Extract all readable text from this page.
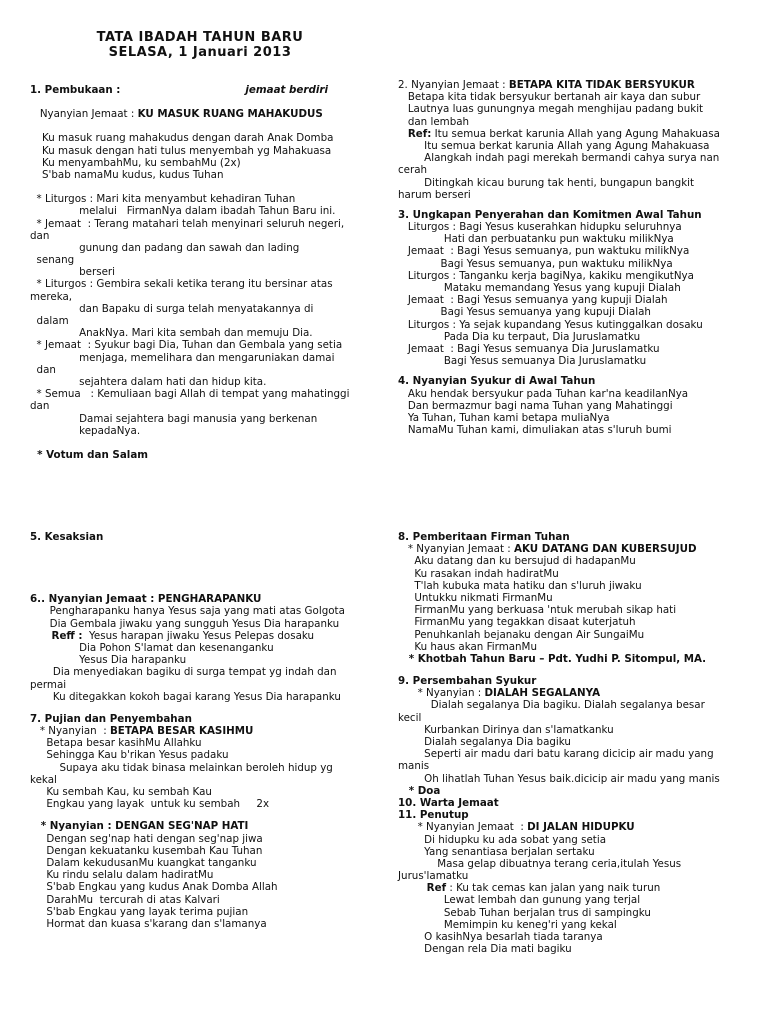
TATA IBADAH TAHUN BARU
SELASA, 1 Januari 2013
1. Pembukaan :	jemaat berdiri
Nyanyian Jemaat : KU MASUK RUANG MAHAKUDUS
Ku masuk ruang mahakudus dengan darah Anak Domba
Ku masuk dengan hati tulus menyembah yg Mahakuasa
Ku menyambahMu, ku sembahMu (2x)
S'bab namaMu kudus, kudus Tuhan
* Liturgos : Mari kita menyambut kehadiran Tuhan
melalui   FirmanNya dalam ibadah Tahun Baru ini.
* Jemaat  : Terang matahari telah menyinari seluruh negeri,
dan
gunung dan padang dan sawah dan lading
senang
berseri
* Liturgos : Gembira sekali ketika terang itu bersinar atas
mereka,
dan Bapaku di surga telah menyatakannya di
dalam
AnakNya. Mari kita sembah dan memuju Dia.
* Jemaat  : Syukur bagi Dia, Tuhan dan Gembala yang setia
menjaga, memelihara dan mengaruniakan damai
dan
sejahtera dalam hati dan hidup kita.
* Semua   : Kemuliaan bagi Allah di tempat yang mahatinggi
dan
Damai sejahtera bagi manusia yang berkenan
kepadaNya.
* Votum dan Salam
2. Nyanyian Jemaat : BETAPA KITA TIDAK BERSYUKUR
Betapa kita tidak bersyukur bertanah air kaya dan subur
Lautnya luas gunungnya megah menghijau padang bukit
dan lembah
Ref: Itu semua berkat karunia Allah yang Agung Mahakuasa
Itu semua berkat karunia Allah yang Agung Mahakuasa
Alangkah indah pagi merekah bermandi cahya surya nan
cerah
Ditingkah kicau burung tak henti, bungapun bangkit
harum berseri
3. Ungkapan Penyerahan dan Komitmen Awal Tahun
Liturgos : Bagi Yesus kuserahkan hidupku seluruhnya
Hati dan perbuatanku pun waktuku milikNya
Jemaat  : Bagi Yesus semuanya, pun waktuku milikNya
Bagi Yesus semuanya, pun waktuku milikNya
Liturgos : Tanganku kerja bagiNya, kakiku mengikutNya
Mataku memandang Yesus yang kupuji Dialah
Jemaat  : Bagi Yesus semuanya yang kupuji Dialah
Bagi Yesus semuanya yang kupuji Dialah
Liturgos : Ya sejak kupandang Yesus kutinggalkan dosaku
Pada Dia ku terpaut, Dia Juruslamatku
Jemaat  : Bagi Yesus semuanya Dia Juruslamatku
Bagi Yesus semuanya Dia Juruslamatku
4. Nyanyian Syukur di Awal Tahun
Aku hendak bersyukur pada Tuhan kar'na keadilanNya
Dan bermazmur bagi nama Tuhan yang Mahatinggi
Ya Tuhan, Tuhan kami betapa muliaNya
NamaMu Tuhan kami, dimuliakan atas s'luruh bumi
5. Kesaksian
6.. Nyanyian Jemaat : PENGHARAPANKU
Pengharapanku hanya Yesus saja yang mati atas Golgota
Dia Gembala jiwaku yang sungguh Yesus Dia harapanku
Reff :  Yesus harapan jiwaku Yesus Pelepas dosaku
Dia Pohon S'lamat dan kesenanganku
Yesus Dia harapanku
Dia menyediakan bagiku di surga tempat yg indah dan
permai
Ku ditegakkan kokoh bagai karang Yesus Dia harapanku
7. Pujian dan Penyembahan
* Nyanyian  : BETAPA BESAR KASIHMU
Betapa besar kasihMu Allahku
Sehingga Kau b'rikan Yesus padaku
Supaya aku tidak binasa melainkan beroleh hidup yg
kekal
Ku sembah Kau, ku sembah Kau
Engkau yang layak  untuk ku sembah     2x
* Nyanyian : DENGAN SEG'NAP HATI
Dengan seg'nap hati dengan seg'nap jiwa
Dengan kekuatanku kusembah Kau Tuhan
Dalam kekudusanMu kuangkat tanganku
Ku rindu selalu dalam hadiratMu
S'bab Engkau yang kudus Anak Domba Allah
DarahMu  tercurah di atas Kalvari
S'bab Engkau yang layak terima pujian
Hormat dan kuasa s'karang dan s'lamanya
8. Pemberitaan Firman Tuhan
* Nyanyian Jemaat : AKU DATANG DAN KUBERSUJUD
Aku datang dan ku bersujud di hadapanMu
Ku rasakan indah hadiratMu
T'lah kubuka mata hatiku dan s'luruh jiwaku
Untukku nikmati FirmanMu
FirmanMu yang berkuasa 'ntuk merubah sikap hati
FirmanMu yang tegakkan disaat kuterjatuh
Penuhkanlah bejanaku dengan Air SungaiMu
Ku haus akan FirmanMu
* Khotbah Tahun Baru – Pdt. Yudhi P. Sitompul, MA.
9. Persembahan Syukur
* Nyanyian : DIALAH SEGALANYA
Dialah segalanya Dia bagiku. Dialah segalanya besar
kecil
Kurbankan Dirinya dan s'lamatkanku
Dialah segalanya Dia bagiku
Seperti air madu dari batu karang dicicip air madu yang
manis
Oh lihatlah Tuhan Yesus baik.dicicip air madu yang manis
* Doa
10. Warta Jemaat
11. Penutup
* Nyanyian Jemaat  : DI JALAN HIDUPKU
Di hidupku ku ada sobat yang setia
Yang senantiasa berjalan sertaku
Masa gelap dibuatnya terang ceria,itulah Yesus
Jurus'lamatku
Ref : Ku tak cemas kan jalan yang naik turun
Lewat lembah dan gunung yang terjal
Sebab Tuhan berjalan trus di sampingku
Memimpin ku keneg'ri yang kekal
O kasihNya besarlah tiada taranya
Dengan rela Dia mati bagiku
